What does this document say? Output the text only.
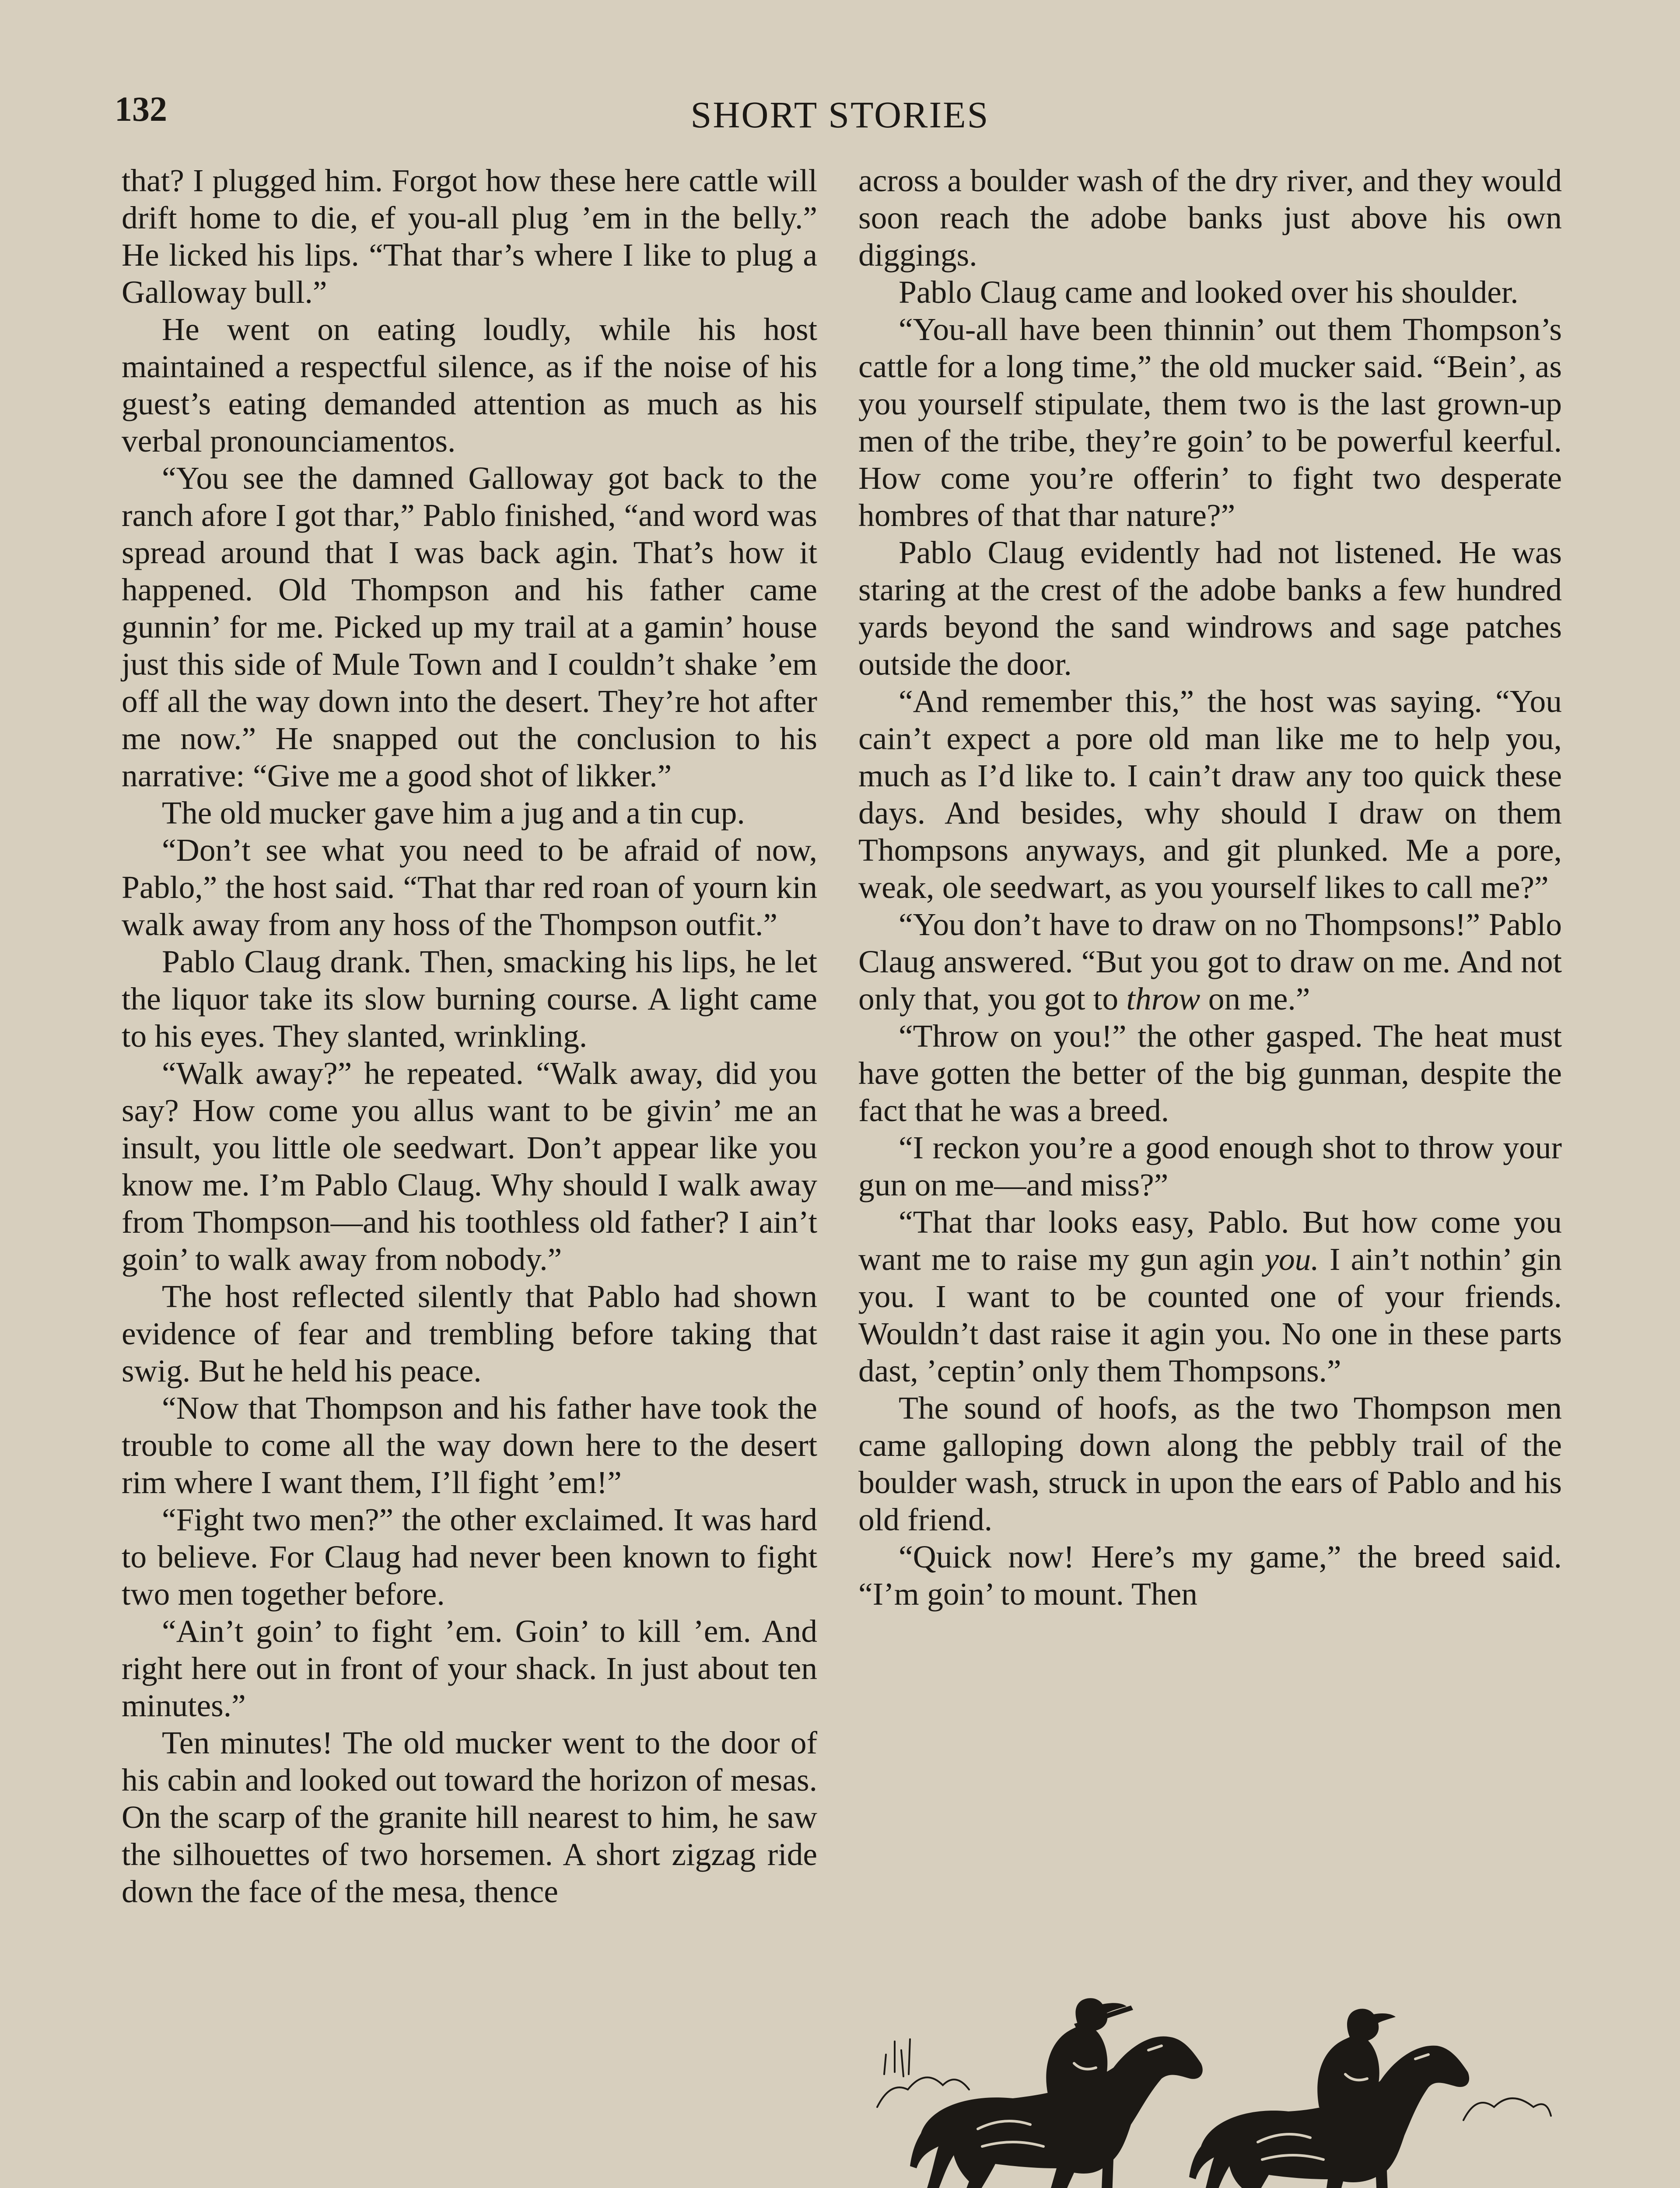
132	SHORT STORIES

that? I plugged him. Forgot how these here cattle will drift home to die, ef you-all plug ’em in the belly.” He licked his lips. “That thar’s where I like to plug a Galloway bull.”

He went on eating loudly, while his host maintained a respectful silence, as if the noise of his guest’s eating demanded attention as much as his verbal pronounciamentos.

“You see the damned Galloway got back to the ranch afore I got thar,” Pablo finished, “and word was spread around that I was back agin. That’s how it happened. Old Thompson and his father came gunnin’ for me. Picked up my trail at a gamin’ house just this side of Mule Town and I couldn’t shake ’em off all the way down into the desert. They’re hot after me now.” He snapped out the conclusion to his narrative: “Give me a good shot of likker.”

The old mucker gave him a jug and a tin cup.

“Don’t see what you need to be afraid of now, Pablo,” the host said. “That thar red roan of yourn kin walk away from any hoss of the Thompson outfit.”

Pablo Claug drank. Then, smacking his lips, he let the liquor take its slow burning course. A light came to his eyes. They slanted, wrinkling.

“Walk away?” he repeated. “Walk away, did you say? How come you allus want to be givin’ me an insult, you little ole seedwart. Don’t appear like you know me. I’m Pablo Claug. Why should I walk away from Thompson—and his toothless old father? I ain’t goin’ to walk away from nobody.”

The host reflected silently that Pablo had shown evidence of fear and trembling before taking that swig. But he held his peace.

“Now that Thompson and his father have took the trouble to come all the way down here to the desert rim where I want them, I’ll fight ’em!”

“Fight two men?” the other exclaimed. It was hard to believe. For Claug had never been known to fight two men together before.

“Ain’t goin’ to fight ’em. Goin’ to kill ’em. And right here out in front of your shack. In just about ten minutes.”

Ten minutes! The old mucker went to the door of his cabin and looked out toward the horizon of mesas. On the scarp of the granite hill nearest to him, he saw the silhouettes of two horsemen. A short zigzag ride down the face of the mesa, thence

across a boulder wash of the dry river, and they would soon reach the adobe banks just above his own diggings.

Pablo Claug came and looked over his shoulder.

“You-all have been thinnin’ out them Thompson’s cattle for a long time,” the old mucker said. “Bein’, as you yourself stipulate, them two is the last grown-up men of the tribe, they’re goin’ to be powerful keerful. How come you’re offerin’ to fight two desperate hombres of that thar nature?”

Pablo Claug evidently had not listened. He was staring at the crest of the adobe banks a few hundred yards beyond the sand windrows and sage patches outside the door.

“And remember this,” the host was saying. “You cain’t expect a pore old man like me to help you, much as I’d like to. I cain’t draw any too quick these days. And besides, why should I draw on them Thompsons anyways, and git plunked. Me a pore, weak, ole seedwart, as you yourself likes to call me?”

“You don’t have to draw on no Thompsons!” Pablo Claug answered. “But you got to draw on me. And not only that, you got to throw on me.”

“Throw on you!” the other gasped. The heat must have gotten the better of the big gunman, despite the fact that he was a breed.

“I reckon you’re a good enough shot to throw your gun on me—and miss?”

“That thar looks easy, Pablo. But how come you want me to raise my gun agin you. I ain’t nothin’ gin you. I want to be counted one of your friends. Wouldn’t dast raise it agin you. No one in these parts dast, ’ceptin’ only them Thompsons.”

The sound of hoofs, as the two Thompson men came galloping down along the pebbly trail of the boulder wash, struck in upon the ears of Pablo and his old friend.

“Quick now! Here’s my game,” the breed said. “I’m goin’ to mount. Then
